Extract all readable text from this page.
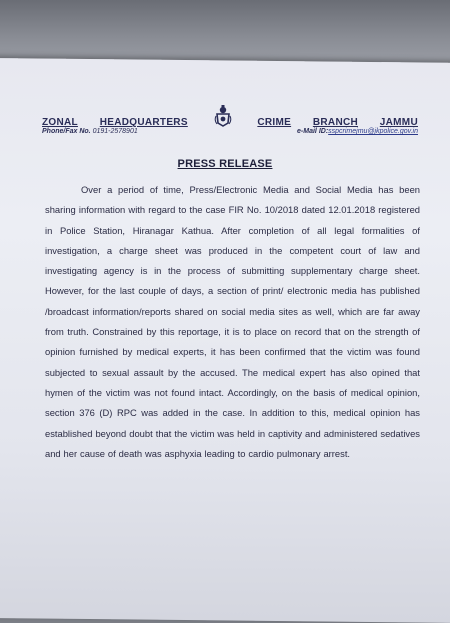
ZONAL HEADQUARTERS	CRIME BRANCH JAMMU
Phone/Fax No. 0191-2578901	e-Mail ID:sspcrimejmu@jkpolice.gov.in
PRESS RELEASE

Over a period of time, Press/Electronic Media and Social Media has been sharing information with regard to the case FIR No. 10/2018 dated 12.01.2018 registered in Police Station, Hiranagar Kathua. After completion of all legal formalities of investigation, a charge sheet was produced in the competent court of law and investigating agency is in the process of submitting supplementary charge sheet. However, for the last couple of days, a section of print/ electronic media has published /broadcast information/reports shared on social media sites as well, which are far away from truth. Constrained by this reportage, it is to place on record that on the strength of opinion furnished by medical experts, it has been confirmed that the victim was found subjected to sexual assault by the accused. The medical expert has also opined that hymen of the victim was not found intact. Accordingly, on the basis of medical opinion, section 376 (D) RPC was added in the case. In addition to this, medical opinion has established beyond doubt that the victim was held in captivity and administered sedatives and her cause of death was asphyxia leading to cardio pulmonary arrest.
